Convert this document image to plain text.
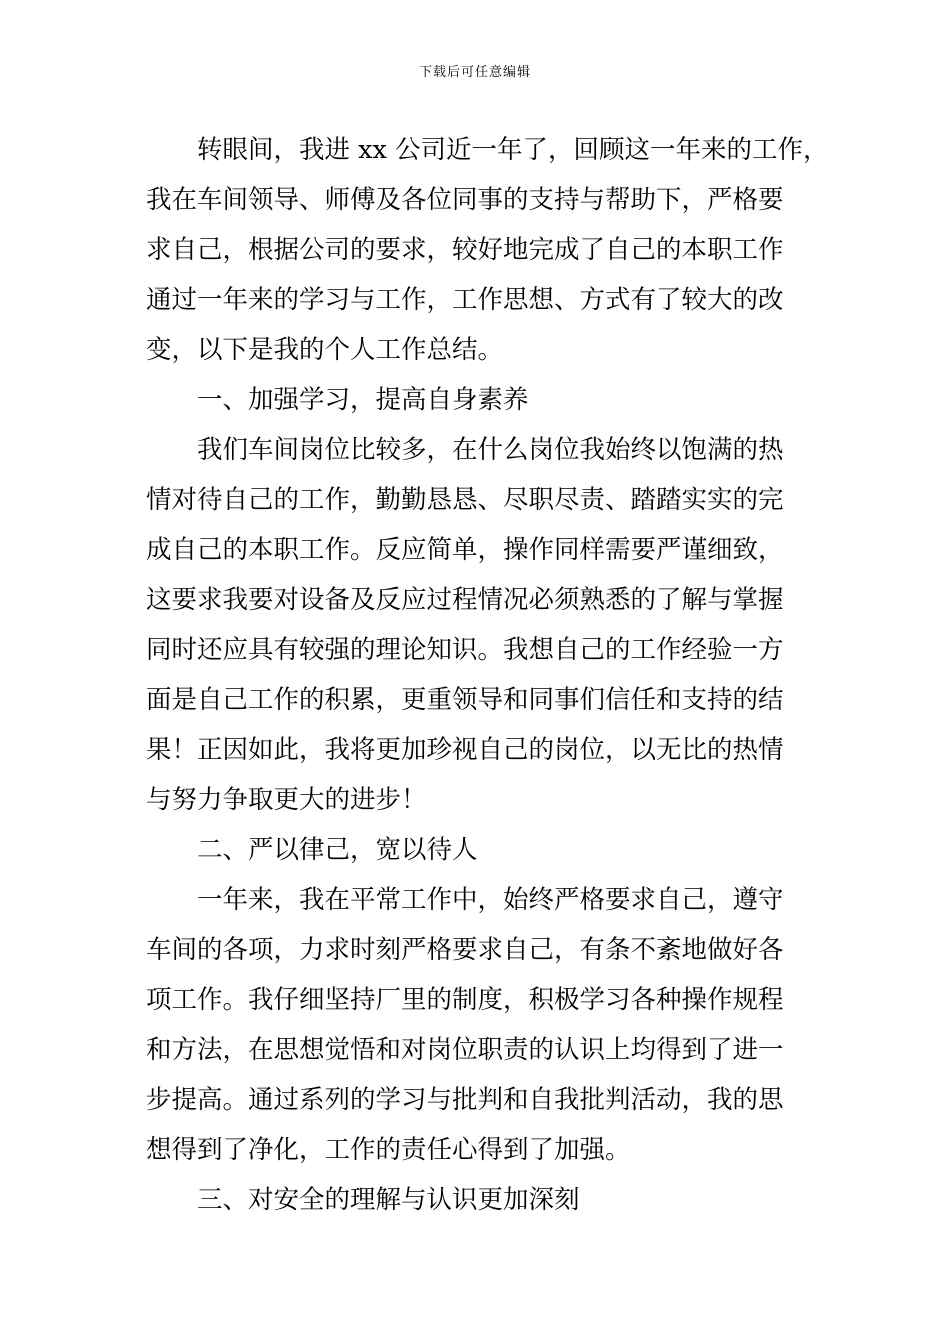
下载后可任意编辑
转眼间，我进 xx 公司近一年了，回顾这一年来的工作，
我在车间领导、师傅及各位同事的支持与帮助下，严格要
求自己，根据公司的要求，较好地完成了自己的本职工作
通过一年来的学习与工作，工作思想、方式有了较大的改
变，以下是我的个人工作总结。
一、加强学习，提高自身素养
我们车间岗位比较多，在什么岗位我始终以饱满的热
情对待自己的工作，勤勤恳恳、尽职尽责、踏踏实实的完
成自己的本职工作。反应简单，操作同样需要严谨细致，
这要求我要对设备及反应过程情况必须熟悉的了解与掌握
同时还应具有较强的理论知识。我想自己的工作经验一方
面是自己工作的积累，更重领导和同事们信任和支持的结
果！正因如此，我将更加珍视自己的岗位，以无比的热情
与努力争取更大的进步！
二、严以律己，宽以待人
一年来，我在平常工作中，始终严格要求自己，遵守
车间的各项，力求时刻严格要求自己，有条不紊地做好各
项工作。我仔细坚持厂里的制度，积极学习各种操作规程
和方法，在思想觉悟和对岗位职责的认识上均得到了进一
步提高。通过系列的学习与批判和自我批判活动，我的思
想得到了净化，工作的责任心得到了加强。
三、对安全的理解与认识更加深刻
